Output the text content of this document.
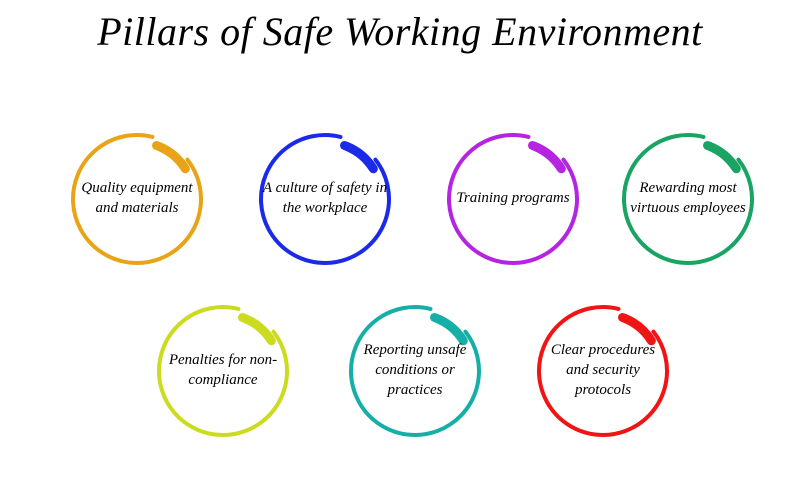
Pillars of Safe Working Environment
Quality equipment and materials
A culture of safety in the workplace
Training programs
Rewarding most virtuous employees
Penalties for non-compliance
Reporting unsafe conditions or practices
Clear procedures and security protocols
